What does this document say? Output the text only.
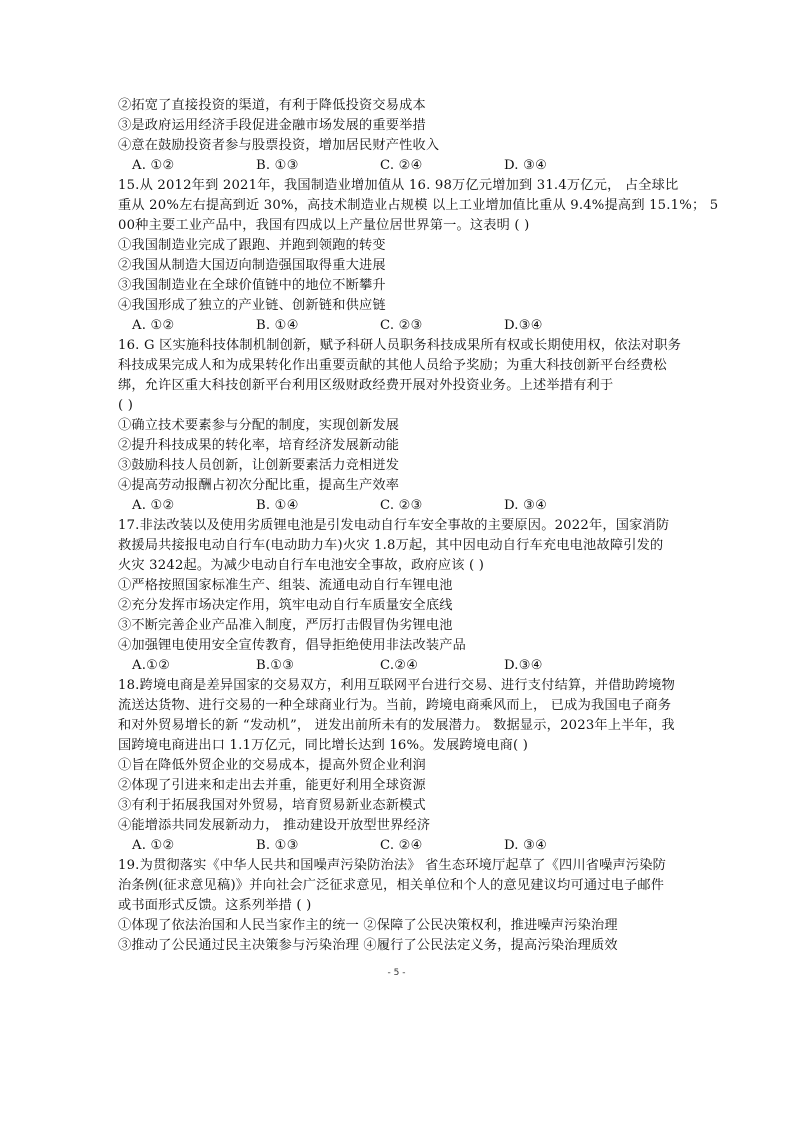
②拓宽了直接投资的渠道，有利于降低投资交易成本
③是政府运用经济手段促进金融市场发展的重要举措
④意在鼓励投资者参与股票投资，增加居民财产性收入
A. ①②	B. ①③	C. ②④	D. ③④
15.从 2012年到 2021年，我国制造业增加值从 16. 98万亿元增加到 31.4万亿元， 占全球比
重从 20%左右提高到近 30%，高技术制造业占规模 以上工业增加值比重从 9.4%提高到 15.1%； 5
00种主要工业产品中，我国有四成以上产量位居世界第一。这表明 ( )
①我国制造业完成了跟跑、并跑到领跑的转变
②我国从制造大国迈向制造强国取得重大进展
③我国制造业在全球价值链中的地位不断攀升
④我国形成了独立的产业链、创新链和供应链
A. ①②	B. ①④	C. ②③	D.③④
16. G 区实施科技体制机制创新，赋予科研人员职务科技成果所有权或长期使用权，依法对职务
科技成果完成人和为成果转化作出重要贡献的其他人员给予奖励；为重大科技创新平台经费松
绑，允许区重大科技创新平台利用区级财政经费开展对外投资业务。上述举措有利于
( )
①确立技术要素参与分配的制度，实现创新发展
②提升科技成果的转化率，培育经济发展新动能
③鼓励科技人员创新，让创新要素活力竞相迸发
④提高劳动报酬占初次分配比重，提高生产效率
A. ①②	B. ①④	C. ②③	D. ③④
17.非法改装以及使用劣质锂电池是引发电动自行车安全事故的主要原因。2022年，国家消防
救援局共接报电动自行车(电动助力车)火灾 1.8万起，其中因电动自行车充电电池故障引发的
火灾 3242起。为减少电动自行车电池安全事故，政府应该 ( )
①严格按照国家标准生产、组装、流通电动自行车锂电池
②充分发挥市场决定作用，筑牢电动自行车质量安全底线
③不断完善企业产品准入制度，严厉打击假冒伪劣锂电池
④加强锂电使用安全宣传教育，倡导拒绝使用非法改装产品
A.①②	B.①③	C.②④	D.③④
18.跨境电商是差异国家的交易双方，利用互联网平台进行交易、进行支付结算，并借助跨境物
流送达货物、进行交易的一种全球商业行为。当前，跨境电商乘风而上， 已成为我国电子商务
和对外贸易增长的新 “发动机”， 迸发出前所未有的发展潜力。 数据显示，2023年上半年，我
国跨境电商进出口 1.1万亿元，同比增长达到 16%。发展跨境电商( )
①旨在降低外贸企业的交易成本，提高外贸企业利润
②体现了引进来和走出去并重，能更好利用全球资源
③有利于拓展我国对外贸易，培育贸易新业态新模式
④能增添共同发展新动力， 推动建设开放型世界经济
A. ①②	B. ①③	C. ②④	D. ③④
19.为贯彻落实《中华人民共和国噪声污染防治法》 省生态环境厅起草了《四川省噪声污染防
治条例(征求意见稿)》并向社会广泛征求意见，相关单位和个人的意见建议均可通过电子邮件
或书面形式反馈。这系列举措 ( )
①体现了依法治国和人民当家作主的统一 ②保障了公民决策权利，推进噪声污染治理
③推动了公民通过民主决策参与污染治理 ④履行了公民法定义务，提高污染治理质效
- 5 -
